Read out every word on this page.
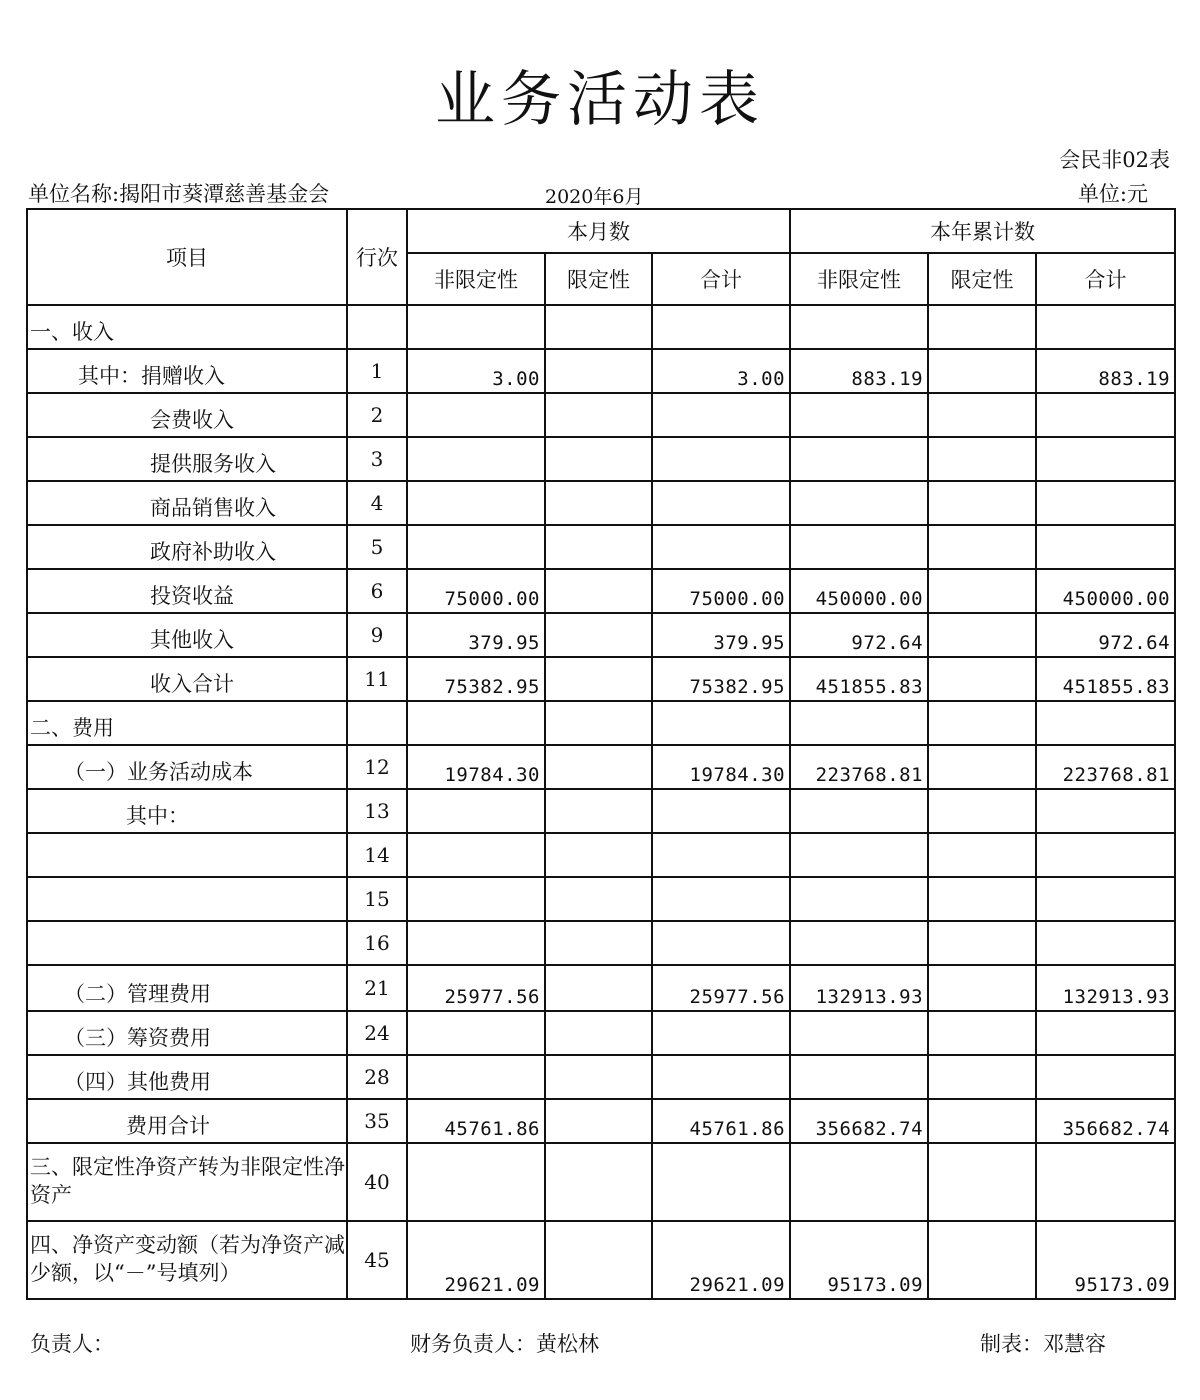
业务活动表
会民非02表
单位名称:揭阳市葵潭慈善基金会	2020年6月	单位:元
项目	行次	本月数			本年累计数		
		非限定性	限定性	合计	非限定性	限定性	合计
一、收入							
其中：捐赠收入	1	3.00		3.00	883.19		883.19
会费收入	2						
提供服务收入	3						
商品销售收入	4						
政府补助收入	5						
投资收益	6	75000.00		75000.00	450000.00		450000.00
其他收入	9	379.95		379.95	972.64		972.64
收入合计	11	75382.95		75382.95	451855.83		451855.83
二、费用							
（一）业务活动成本	12	19784.30		19784.30	223768.81		223768.81
其中：	13						
	14						
	15						
	16						
（二）管理费用	21	25977.56		25977.56	132913.93		132913.93
（三）筹资费用	24						
（四）其他费用	28						
费用合计	35	45761.86		45761.86	356682.74		356682.74
三、限定性净资产转为非限定性净资产	40						
四、净资产变动额（若为净资产减少额，以“－”号填列）	45	29621.09		29621.09	95173.09		95173.09
负责人：	财务负责人：黄松林	制表：邓慧容
